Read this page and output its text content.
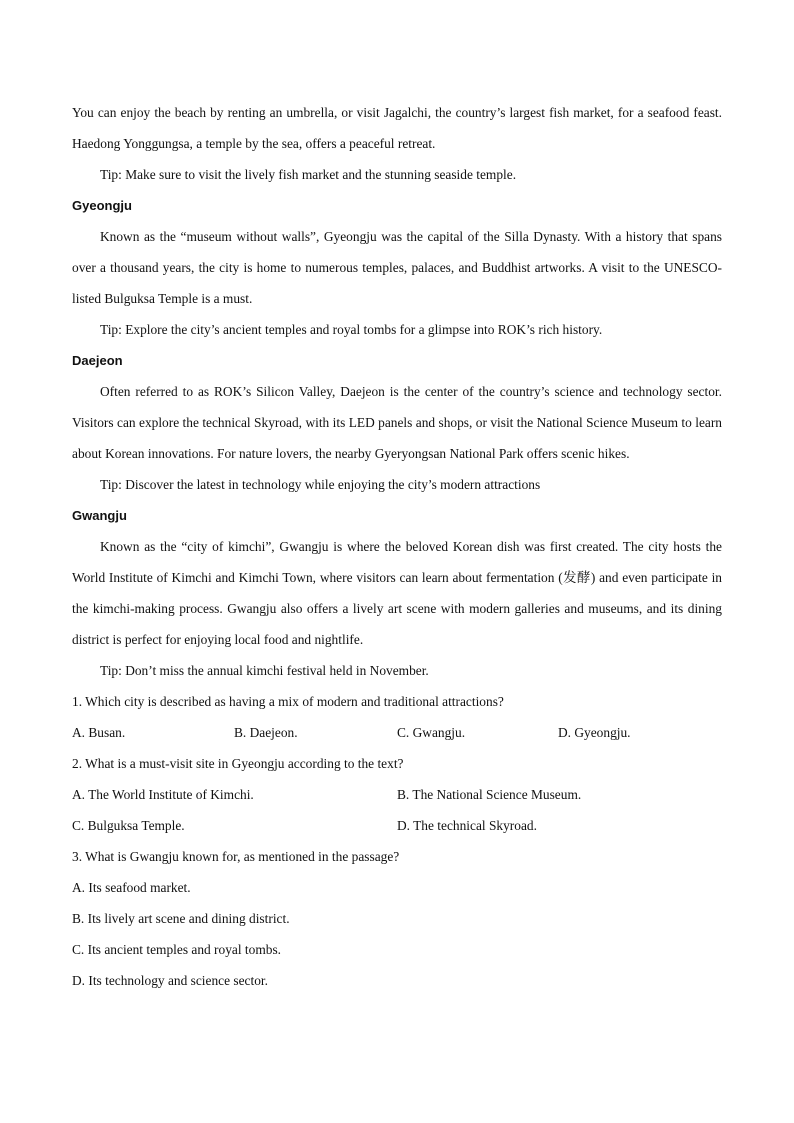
You can enjoy the beach by renting an umbrella, or visit Jagalchi, the country’s largest fish market, for a seafood feast. Haedong Yonggungsa, a temple by the sea, offers a peaceful retreat.

Tip: Make sure to visit the lively fish market and the stunning seaside temple.

Gyeongju

Known as the “museum without walls”, Gyeongju was the capital of the Silla Dynasty. With a history that spans over a thousand years, the city is home to numerous temples, palaces, and Buddhist artworks. A visit to the UNESCO-listed Bulguksa Temple is a must.

Tip: Explore the city’s ancient temples and royal tombs for a glimpse into ROK’s rich history.

Daejeon

Often referred to as ROK’s Silicon Valley, Daejeon is the center of the country’s science and technology sector. Visitors can explore the technical Skyroad, with its LED panels and shops, or visit the National Science Museum to learn about Korean innovations. For nature lovers, the nearby Gyeryongsan National Park offers scenic hikes.

Tip: Discover the latest in technology while enjoying the city’s modern attractions

Gwangju

Known as the “city of kimchi”, Gwangju is where the beloved Korean dish was first created. The city hosts the World Institute of Kimchi and Kimchi Town, where visitors can learn about fermentation (发酵) and even participate in the kimchi-making process. Gwangju also offers a lively art scene with modern galleries and museums, and its dining district is perfect for enjoying local food and nightlife.

Tip: Don’t miss the annual kimchi festival held in November.

1. Which city is described as having a mix of modern and traditional attractions?

A. Busan.	B. Daejeon.	C. Gwangju.	D. Gyeongju.

2. What is a must-visit site in Gyeongju according to the text?

A. The World Institute of Kimchi.	B. The National Science Museum.
C. Bulguksa Temple.	D. The technical Skyroad.

3. What is Gwangju known for, as mentioned in the passage?

A. Its seafood market.

B. Its lively art scene and dining district.

C. Its ancient temples and royal tombs.

D. Its technology and science sector.
